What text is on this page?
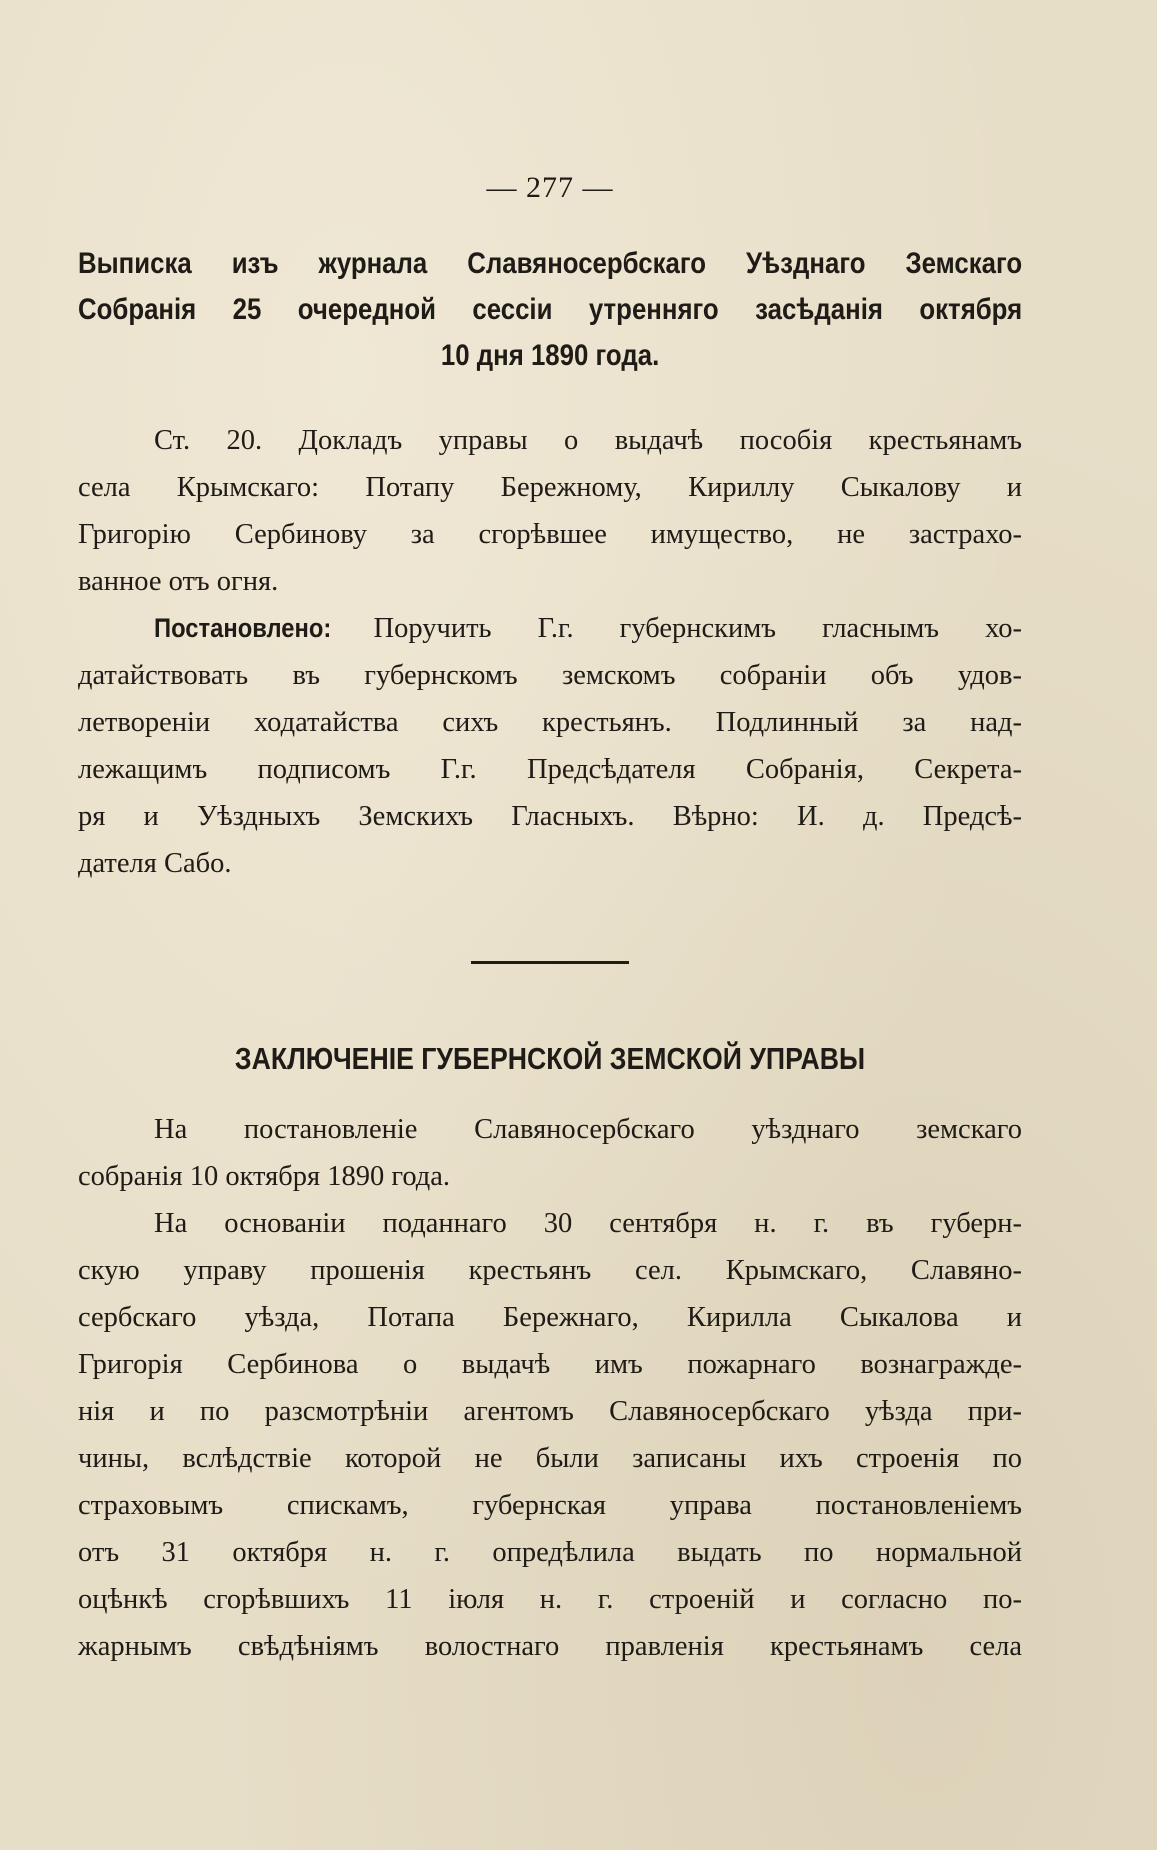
— 277 —
Выписка изъ журнала Славяносербскаго Уѣзднаго Земскаго
Собранія 25 очередной сессіи утренняго засѣданія октября
10 дня 1890 года.
Ст. 20. Докладъ управы о выдачѣ пособія крестьянамъ
села Крымскаго: Потапу Бережному, Кириллу Сыкалову и
Григорію Сербинову за сгорѣвшее имущество, не застрахо-
ванное отъ огня.
Постановлено: Поручить Г.г. губернскимъ гласнымъ хо-
датайствовать въ губернскомъ земскомъ собраніи объ удов-
летвореніи ходатайства сихъ крестьянъ. Подлинный за над-
лежащимъ подписомъ Г.г. Предсѣдателя Собранія, Секрета-
ря и Уѣздныхъ Земскихъ Гласныхъ. Вѣрно: И. д. Предсѣ-
дателя Сабо.
ЗАКЛЮЧЕНІЕ ГУБЕРНСКОЙ ЗЕМСКОЙ УПРАВЫ
На постановленіе Славяносербскаго уѣзднаго земскаго
собранія 10 октября 1890 года.
На основаніи поданнаго 30 сентября н. г. въ губерн-
скую управу прошенія крестьянъ сел. Крымскаго, Славяно-
сербскаго уѣзда, Потапа Бережнаго, Кирилла Сыкалова и
Григорія Сербинова о выдачѣ имъ пожарнаго вознагражде-
нія и по разсмотрѣніи агентомъ Славяносербскаго уѣзда при-
чины, вслѣдствіе которой не были записаны ихъ строенія по
страховымъ спискамъ, губернская управа постановленіемъ
отъ 31 октября н. г. опредѣлила выдать по нормальной
оцѣнкѣ сгорѣвшихъ 11 іюля н. г. строеній и согласно по-
жарнымъ свѣдѣніямъ волостнаго правленія крестьянамъ села
